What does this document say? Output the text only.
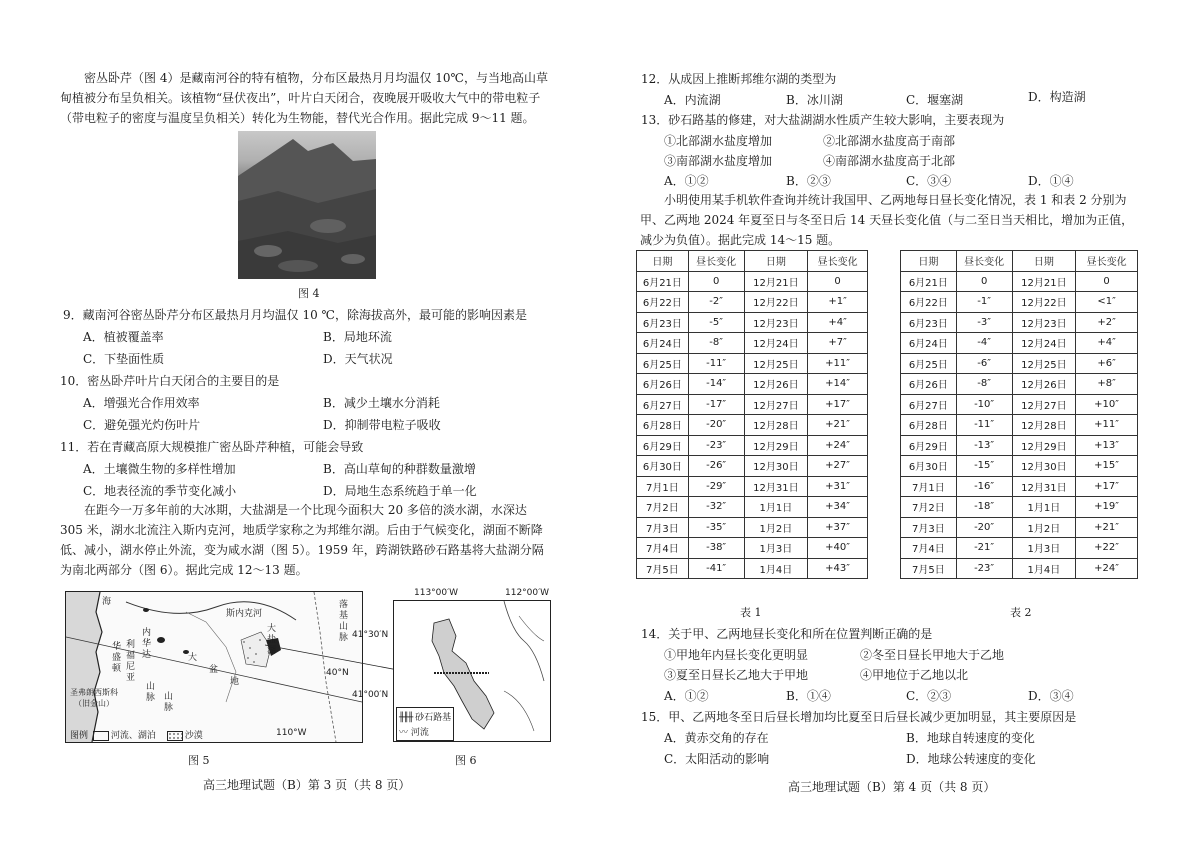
密丛卧芹（图 4）是藏南河谷的特有植物，分布区最热月月均温仅 10℃，与当地高山草甸植被分布呈负相关。该植物“昼伏夜出”，叶片白天闭合，夜晚展开吸收大气中的带电粒子（带电粒子的密度与温度呈负相关）转化为生物能，替代光合作用。据此完成 9～11 题。
图 4
9．藏南河谷密丛卧芹分布区最热月月均温仅 10 ℃，除海拔高外，最可能的影响因素是
A．植被覆盖率	B．局地环流
C．下垫面性质	D．天气状况
10．密丛卧芹叶片白天闭合的主要目的是
A．增强光合作用效率	B．减少土壤水分消耗
C．避免强光灼伤叶片	D．抑制带电粒子吸收
11．若在青藏高原大规模推广密丛卧芹种植，可能会导致
A．土壤微生物的多样性增加	B．高山草甸的种群数量激增
C．地表径流的季节变化减小	D．局地生态系统趋于单一化
在距今一万多年前的大冰期，大盐湖是一个比现今面积大 20 多倍的淡水湖，水深达 305 米，湖水北流注入斯内克河，地质学家称之为邦维尔湖。后由于气候变化，湖面不断降低、减小，湖水停止外流，变为咸水湖（图 5）。1959 年，跨湖铁路砂石路基将大盐湖分隔为南北两部分（图 6）。据此完成 12～13 题。
海
斯内克河
华
盛
顿
内
华
达
利
福
尼
亚
山
脉
落
基
山
脉
大
盆
地
大
盐
湖
山
脉
圣弗朗西斯科
（旧金山）
40°N
110°W
图例	河流、湖泊	沙漠
113°00′W	112°00′W
41°30′N
41°00′N
╫╫╫ 砂石路基
〰 河流
图 5	图 6
高三地理试题（B）第 3 页（共 8 页）
12．从成因上推断邦维尔湖的类型为
A．内流湖	B．冰川湖	C．堰塞湖	D．构造湖
13．砂石路基的修建，对大盐湖湖水性质产生较大影响，主要表现为
①北部湖水盐度增加	②北部湖水盐度高于南部
③南部湖水盐度增加	④南部湖水盐度高于北部
A．①②	B．②③	C．③④	D．①④
小明使用某手机软件查询并统计我国甲、乙两地每日昼长变化情况，表 1 和表 2 分别为甲、乙两地 2024 年夏至日与冬至日后 14 天昼长变化值（与二至日当天相比，增加为正值，减少为负值）。据此完成 14～15 题。
日期	昼长变化	日期	昼长变化
6月21日	0	12月21日	0
6月22日	-2″	12月22日	+1″
6月23日	-5″	12月23日	+4″
6月24日	-8″	12月24日	+7″
6月25日	-11″	12月25日	+11″
6月26日	-14″	12月26日	+14″
6月27日	-17″	12月27日	+17″
6月28日	-20″	12月28日	+21″
6月29日	-23″	12月29日	+24″
6月30日	-26″	12月30日	+27″
7月1日	-29″	12月31日	+31″
7月2日	-32″	1月1日	+34″
7月3日	-35″	1月2日	+37″
7月4日	-38″	1月3日	+40″
7月5日	-41″	1月4日	+43″
表 1
日期	昼长变化	日期	昼长变化
6月21日	0	12月21日	0
6月22日	-1″	12月22日	<1″
6月23日	-3″	12月23日	+2″
6月24日	-4″	12月24日	+4″
6月25日	-6″	12月25日	+6″
6月26日	-8″	12月26日	+8″
6月27日	-10″	12月27日	+10″
6月28日	-11″	12月28日	+11″
6月29日	-13″	12月29日	+13″
6月30日	-15″	12月30日	+15″
7月1日	-16″	12月31日	+17″
7月2日	-18″	1月1日	+19″
7月3日	-20″	1月2日	+21″
7月4日	-21″	1月3日	+22″
7月5日	-23″	1月4日	+24″
表 2
14．关于甲、乙两地昼长变化和所在位置判断正确的是
①甲地年内昼长变化更明显	②冬至日昼长甲地大于乙地
③夏至日昼长乙地大于甲地	④甲地位于乙地以北
A．①②	B．①④	C．②③	D．③④
15．甲、乙两地冬至日后昼长增加均比夏至日后昼长减少更加明显，其主要原因是
A．黄赤交角的存在	B．地球自转速度的变化
C．太阳活动的影响	D．地球公转速度的变化
高三地理试题（B）第 4 页（共 8 页）
